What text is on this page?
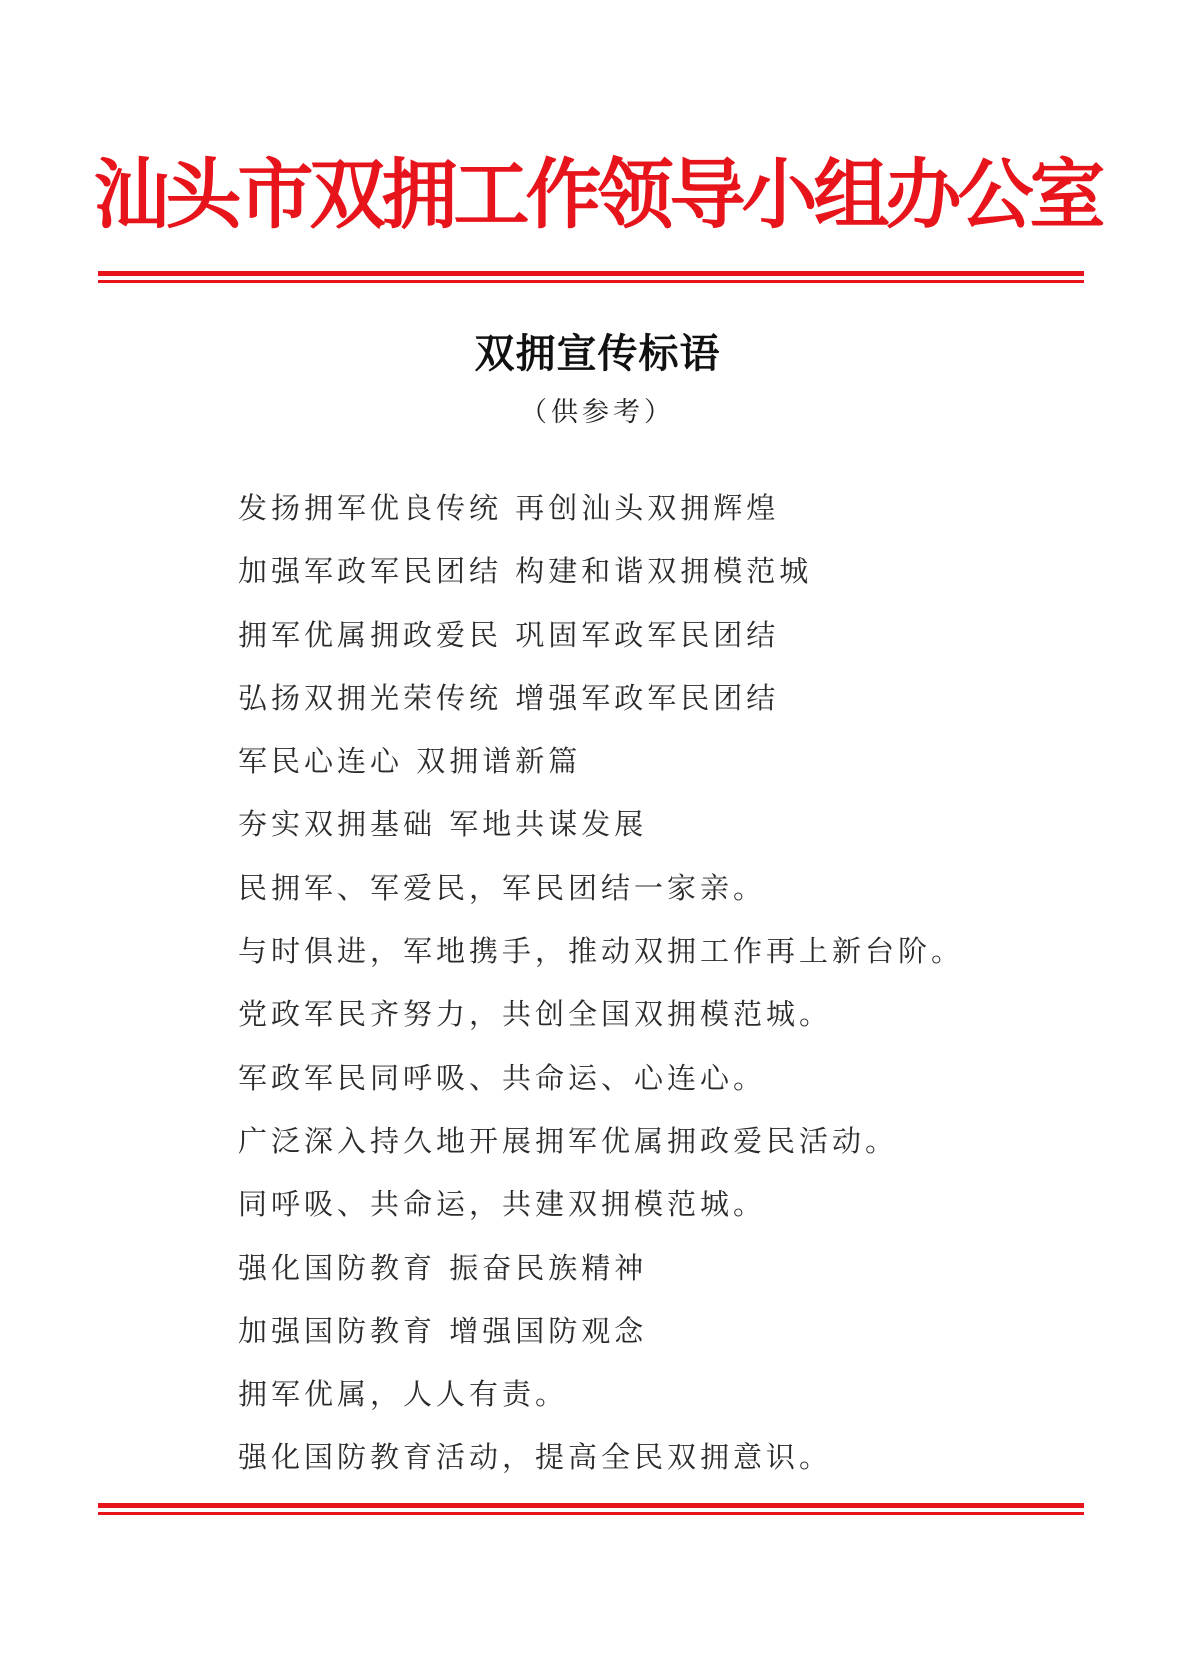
汕头市双拥工作领导小组办公室
双拥宣传标语
（供参考）
发扬拥军优良传统 再创汕头双拥辉煌
加强军政军民团结 构建和谐双拥模范城
拥军优属拥政爱民 巩固军政军民团结
弘扬双拥光荣传统 增强军政军民团结
军民心连心 双拥谱新篇
夯实双拥基础 军地共谋发展
民拥军、军爱民，军民团结一家亲。
与时俱进，军地携手，推动双拥工作再上新台阶。
党政军民齐努力，共创全国双拥模范城。
军政军民同呼吸、共命运、心连心。
广泛深入持久地开展拥军优属拥政爱民活动。
同呼吸、共命运，共建双拥模范城。
强化国防教育 振奋民族精神
加强国防教育 增强国防观念
拥军优属，人人有责。
强化国防教育活动，提高全民双拥意识。
